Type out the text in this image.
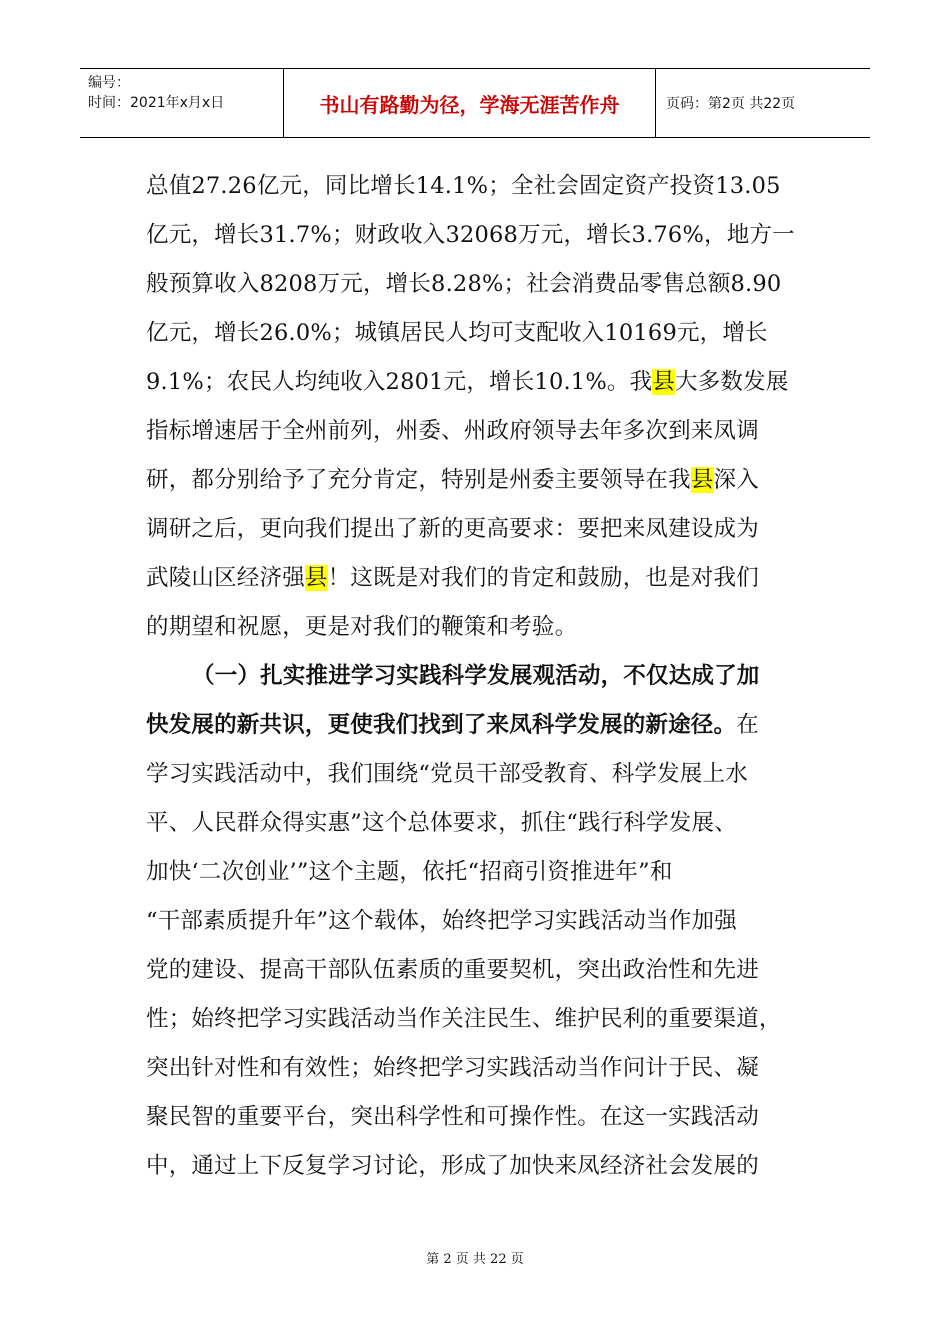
编号：
时间：2021年x月x日	书山有路勤为径，学海无涯苦作舟	页码：第2页 共22页
总值27.26亿元，同比增长14.1%；全社会固定资产投资13.05
亿元，增长31.7%；财政收入32068万元，增长3.76%，地方一
般预算收入8208万元，增长8.28%；社会消费品零售总额8.90
亿元，增长26.0%；城镇居民人均可支配收入10169元，增长
9.1%；农民人均纯收入2801元，增长10.1%。我县大多数发展
指标增速居于全州前列，州委、州政府领导去年多次到来凤调
研，都分别给予了充分肯定，特别是州委主要领导在我县深入
调研之后，更向我们提出了新的更高要求：要把来凤建设成为
武陵山区经济强县！这既是对我们的肯定和鼓励，也是对我们
的期望和祝愿，更是对我们的鞭策和考验。
（一）扎实推进学习实践科学发展观活动，不仅达成了加
快发展的新共识，更使我们找到了来凤科学发展的新途径。在
学习实践活动中，我们围绕“党员干部受教育、科学发展上水
平、人民群众得实惠”这个总体要求，抓住“践行科学发展、
加快‘二次创业’”这个主题，依托“招商引资推进年”和
“干部素质提升年”这个载体，始终把学习实践活动当作加强
党的建设、提高干部队伍素质的重要契机，突出政治性和先进
性；始终把学习实践活动当作关注民生、维护民利的重要渠道，
突出针对性和有效性；始终把学习实践活动当作问计于民、凝
聚民智的重要平台，突出科学性和可操作性。在这一实践活动
中，通过上下反复学习讨论，形成了加快来凤经济社会发展的
第 2 页 共 22 页
